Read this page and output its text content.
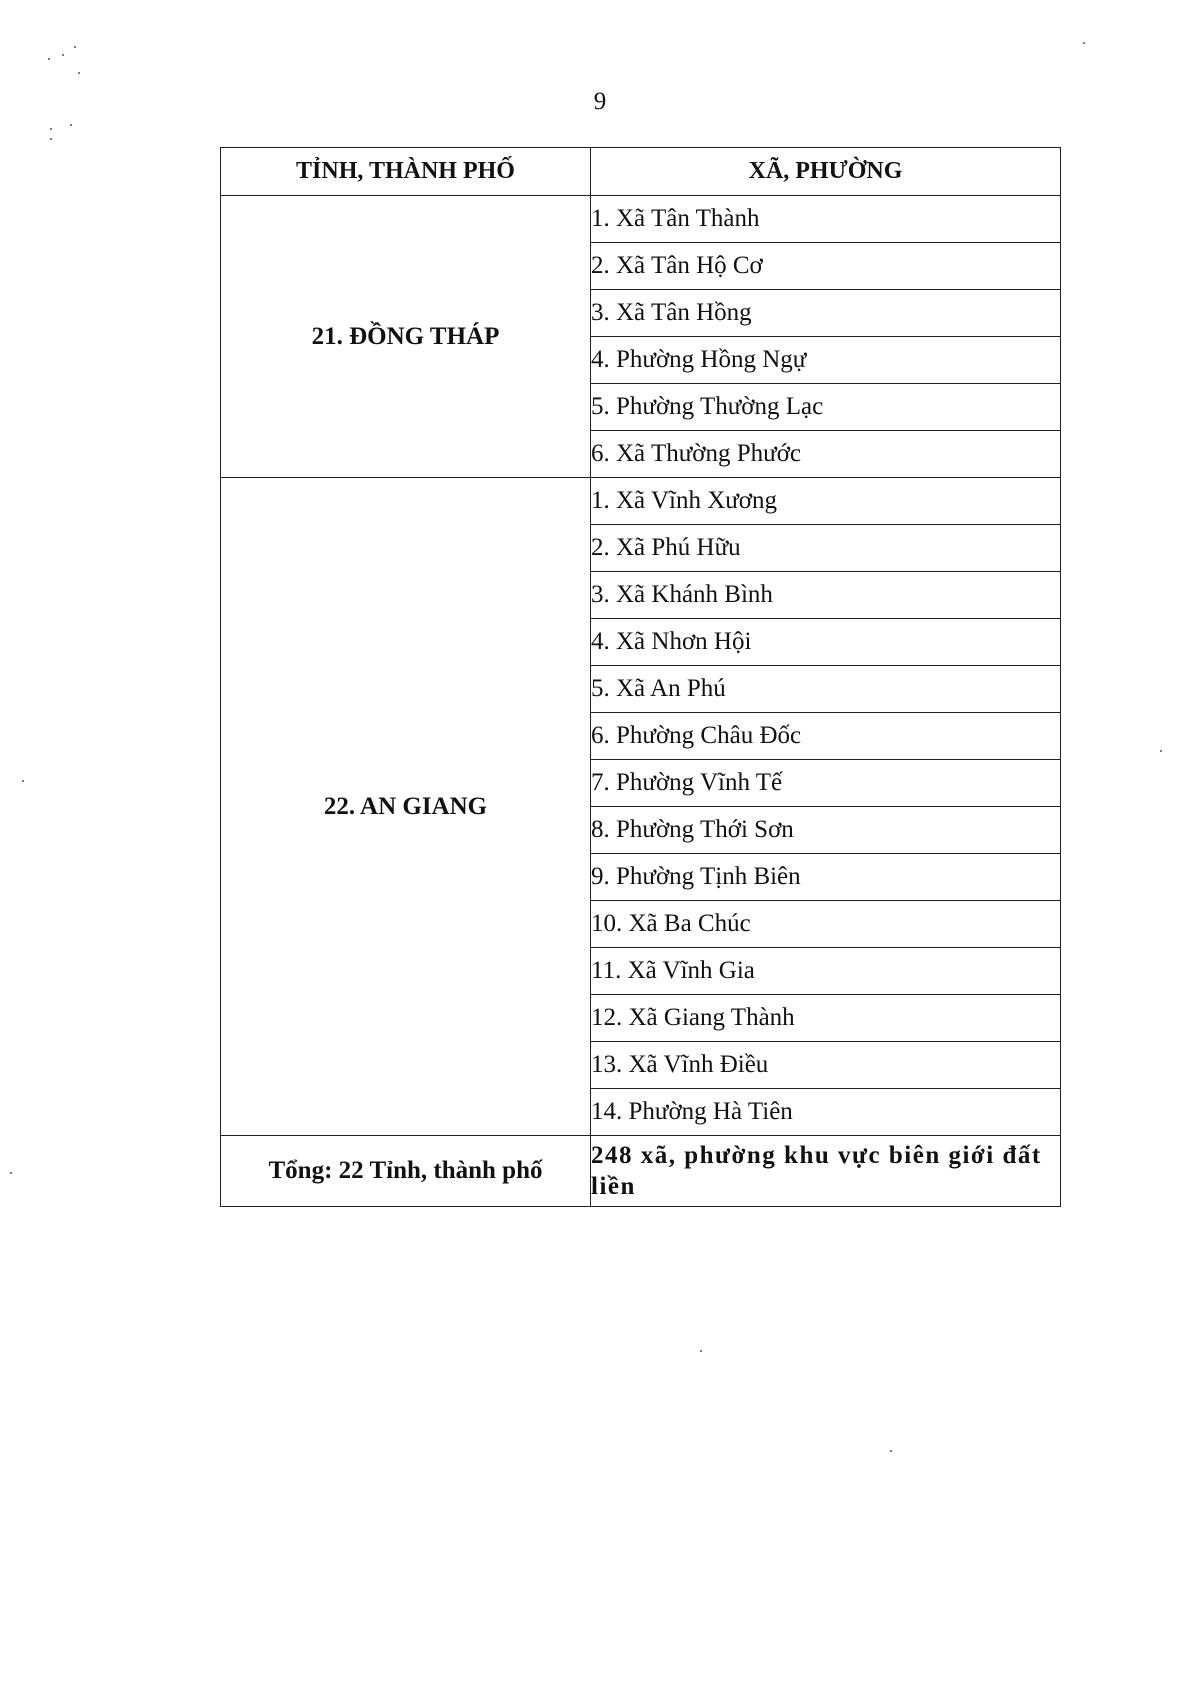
9
TỈNH, THÀNH PHỐ	XÃ, PHƯỜNG
21. ĐỒNG THÁP	1. Xã Tân Thành
	2. Xã Tân Hộ Cơ
	3. Xã Tân Hồng
	4. Phường Hồng Ngự
	5. Phường Thường Lạc
	6. Xã Thường Phước
22. AN GIANG	1. Xã Vĩnh Xương
	2. Xã Phú Hữu
	3. Xã Khánh Bình
	4. Xã Nhơn Hội
	5. Xã An Phú
	6. Phường Châu Đốc
	7. Phường Vĩnh Tế
	8. Phường Thới Sơn
	9. Phường Tịnh Biên
	10. Xã Ba Chúc
	11. Xã Vĩnh Gia
	12. Xã Giang Thành
	13. Xã Vĩnh Điều
	14. Phường Hà Tiên
Tổng: 22 Tỉnh, thành phố	248 xã, phường khu vực biên giới đất liền
